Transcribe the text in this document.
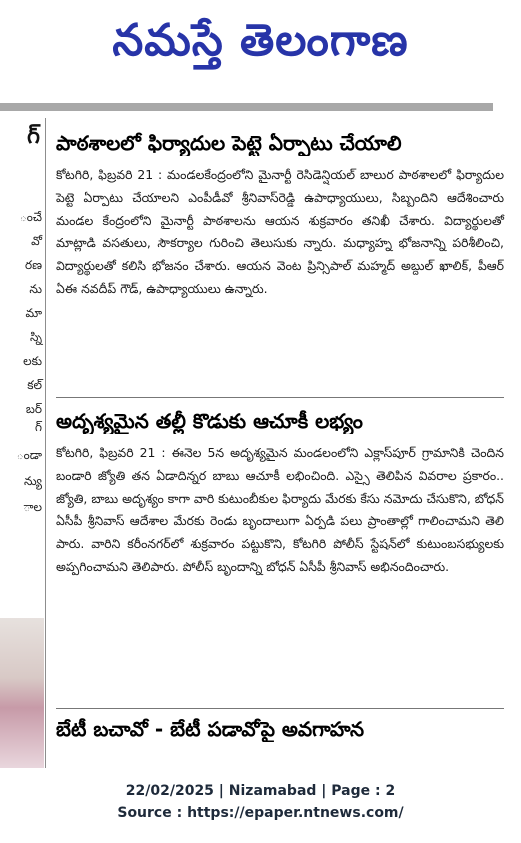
నమస్తే తెలంగాణ
గ్
ంచే
వో
రణ
ను
మా
స్ని
లకు
కల్
బర్
గ్
ండా
న్యు
ాల
పాఠశాలలో ఫిర్యాదుల పెట్టె ఏర్పాటు చేయాలి
కోటగిరి, ఫిబ్రవరి 21 : మండలకేంద్రంలోని మైనార్టీ రెసిడెన్షియల్ బాలుర పాఠశాలలో ఫిర్యాదుల పెట్టె ఏర్పాటు చేయాలని ఎంపీడీవో శ్రీనివాస్‌రెడ్డి ఉపాధ్యాయులు, సిబ్బందిని ఆదేశించారు మండల కేంద్రంలోని మైనార్టీ పాఠశాలను ఆయన శుక్రవారం తనిఖీ చేశారు. విద్యార్థులతో మాట్లాడి వసతులు, సౌకర్యాల గురించి తెలుసుకు న్నారు. మధ్యాహ్న భోజనాన్ని పరిశీలించి, విద్యార్థులతో కలిసి భోజనం చేశారు. ఆయన వెంట ప్రిన్సిపాల్ మహ్మద్ అబ్దుల్ ఖాలిక్, పీఆర్ ఏఈ నవదీప్ గౌడ్, ఉపాధ్యాయులు ఉన్నారు.
అదృశ్యమైన తల్లీ కొడుకు ఆచూకీ లభ్యం
కోటగిరి, ఫిబ్రవరి 21 : ఈనెల 5న అదృశ్యమైన మండలంలోని ఎక్లాస్‌పూర్ గ్రామానికి చెందిన బండారి జ్యోతి తన ఏడాదిన్నర బాబు ఆచూకీ లభించింది. ఎస్సై తెలిపిన వివరాల ప్రకారం.. జ్యోతి, బాబు అదృశ్యం కాగా వారి కుటుంబీకుల ఫిర్యాదు మేరకు కేసు నమోదు చేసుకొని, బోధన్ ఏసీపీ శ్రీనివాస్ ఆదేశాల మేరకు రెండు బృందాలుగా ఏర్పడి పలు ప్రాంతాల్లో గాలించామని తెలి పారు. వారిని కరీంనగర్‌లో శుక్రవారం పట్టుకొని, కోటగిరి పోలీస్ స్టేషన్‌లో కుటుంబసభ్యులకు అప్పగించామని తెలిపారు. పోలీస్ బృందాన్ని బోధన్ ఏసీపీ శ్రీనివాస్ అభినందించారు.
బేటీ బచావో - బేటీ పడావోపై అవగాహన
22/02/2025 | Nizamabad | Page : 2
Source : https://epaper.ntnews.com/
